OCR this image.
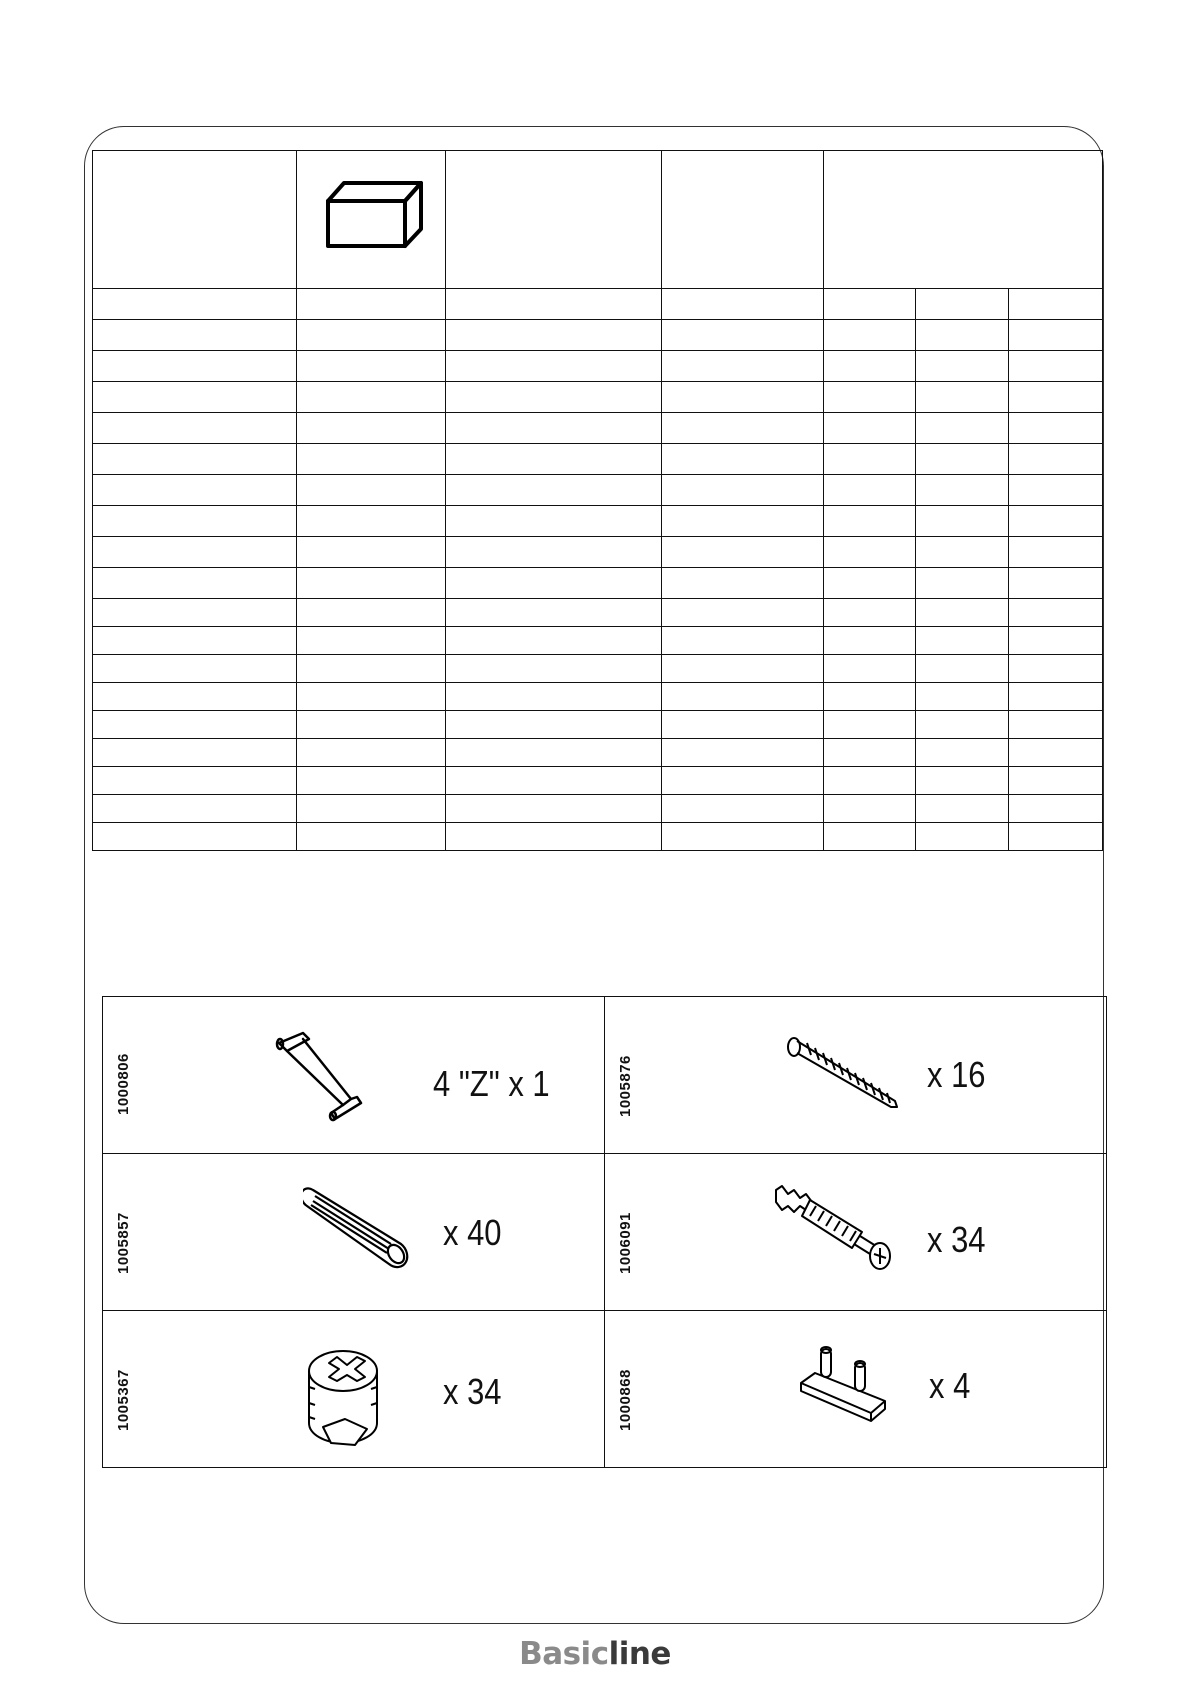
1000806 4 "Z" x 1	1005876 x 16

1005857 x 40	1006091 x 34

1005367 x 34	1000868 x 4
Basicline
